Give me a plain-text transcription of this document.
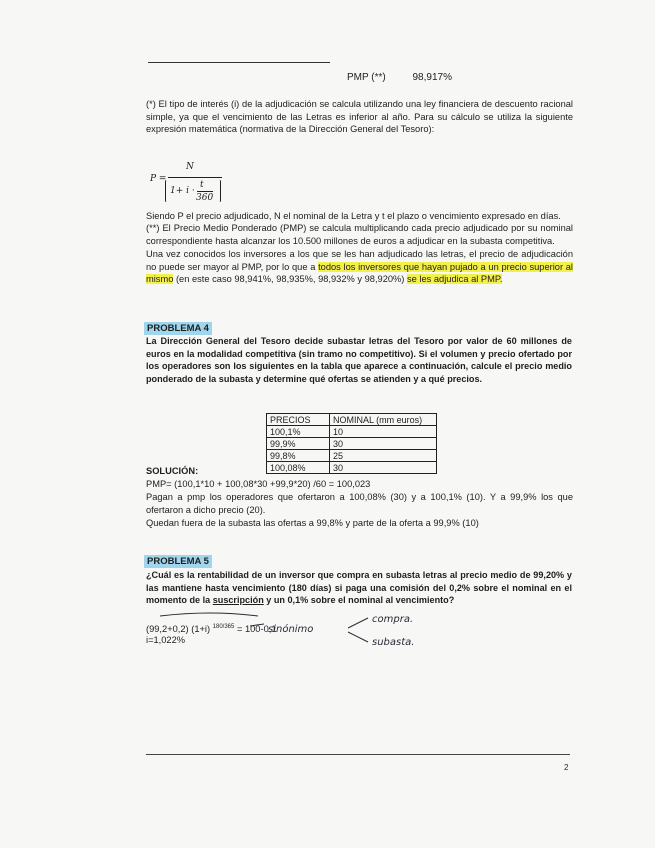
PMP (**)	98,917%
(*) El tipo de interés (i) de la adjudicación se calcula utilizando una ley financiera de descuento racional simple, ya que el vencimiento de las Letras es inferior al año. Para su cálculo se utiliza la siguiente expresión matemática (normativa de la Dirección General del Tesoro):
P =
N
1+ i ·
t
360
Siendo P el precio adjudicado, N el nominal de la Letra y t el plazo o vencimiento expresado en días.
(**) El Precio Medio Ponderado (PMP) se calcula multiplicando cada precio adjudicado por su nominal correspondiente hasta alcanzar los 10.500 millones de euros a adjudicar en la subasta competitiva.
Una vez conocidos los inversores a los que se les han adjudicado las letras, el precio de adjudicación no puede ser mayor al PMP, por lo que a todos los inversores que hayan pujado a un precio superior al mismo (en este caso 98,941%, 98,935%, 98,932% y 98,920%) se les adjudica al PMP.
PROBLEMA 4
La Dirección General del Tesoro decide subastar letras del Tesoro por valor de 60 millones de euros en la modalidad competitiva (sin tramo no competitivo). Si el volumen y precio ofertado por los operadores son los siguientes en la tabla que aparece a continuación, calcule el precio medio ponderado de la subasta y determine qué ofertas se atienden y a qué precios.
PRECIOS	NOMINAL (mm euros)
100,1%	10
99,9%	30
99,8%	25
100,08%	30
SOLUCIÓN:
PMP= (100,1*10 + 100,08*30 +99,9*20) /60 = 100,023
Pagan a pmp los operadores que ofertaron a 100,08% (30) y a 100,1% (10). Y a 99,9% los que ofertaron a dicho precio (20).
Quedan fuera de la subasta las ofertas a 99,8% y parte de la oferta a 99,9% (10)
PROBLEMA 5
¿Cuál es la rentabilidad de un inversor que compra en subasta letras al precio medio de 99,20% y las mantiene hasta vencimiento (180 días) si paga una comisión del 0,2% sobre el nominal en el momento de la suscripción y un 0,1% sobre el nominal al vencimiento?
(99,2+0,2) (1+i) $^{180/365}$ = 100-0,1
i=1,022%
sinónimo
compra.
subasta.
2
